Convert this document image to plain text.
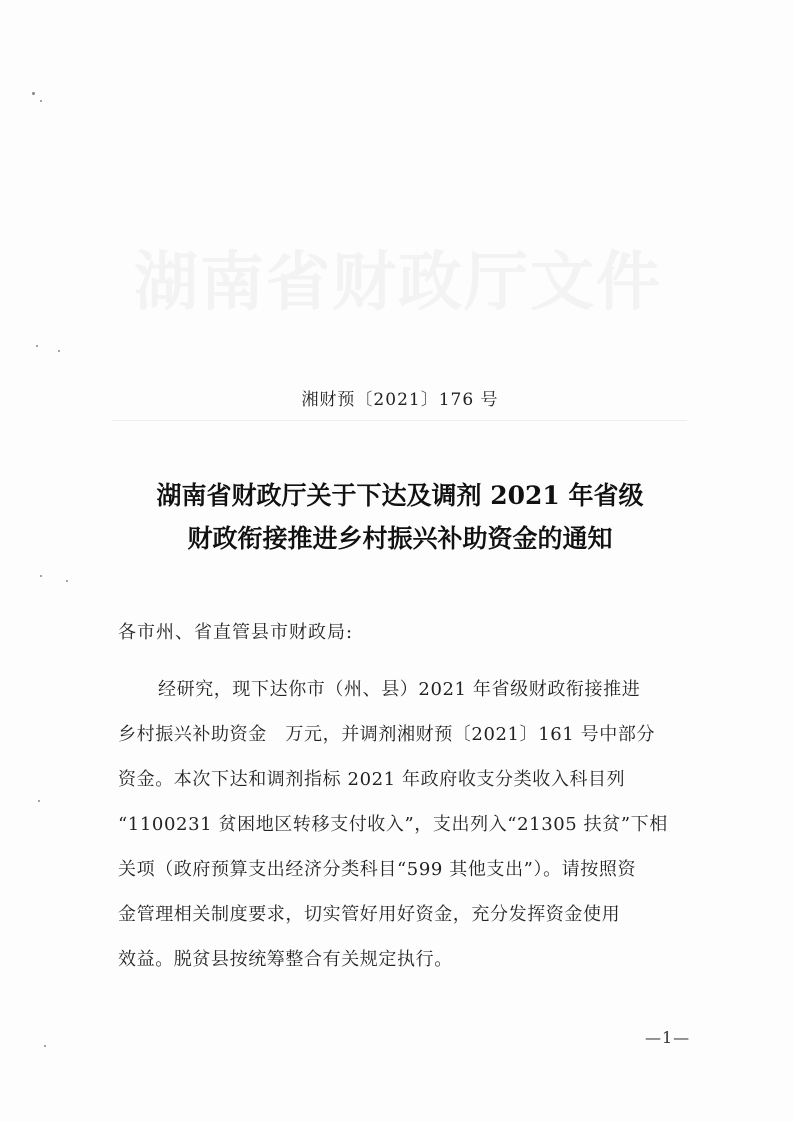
湖南省财政厅文件
湘财预〔2021〕176 号
湖南省财政厅关于下达及调剂 2021 年省级
财政衔接推进乡村振兴补助资金的通知
各市州、省直管县市财政局:
经研究，现下达你市（州、县）2021 年省级财政衔接推进
乡村振兴补助资金　万元，并调剂湘财预〔2021〕161 号中部分
资金。本次下达和调剂指标 2021 年政府收支分类收入科目列
“1100231 贫困地区转移支付收入”，支出列入“21305 扶贫”下相
关项（政府预算支出经济分类科目“599 其他支出”）。请按照资
金管理相关制度要求，切实管好用好资金，充分发挥资金使用
效益。脱贫县按统筹整合有关规定执行。
—1—
